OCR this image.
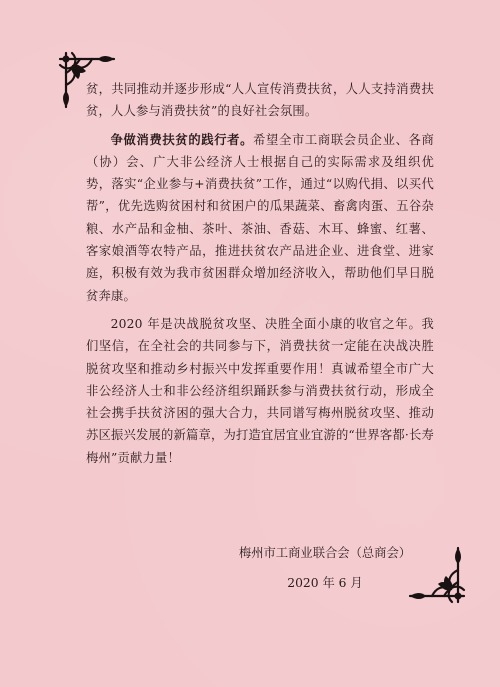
贫，共同推动并逐步形成“人人宣传消费扶贫，人人支持消费扶贫，人人参与消费扶贫”的良好社会氛围。

争做消费扶贫的践行者。希望全市工商联会员企业、各商（协）会、广大非公经济人士根据自己的实际需求及组织优势，落实“企业参与+消费扶贫”工作，通过“以购代捐、以买代帮”，优先选购贫困村和贫困户的瓜果蔬菜、畜禽肉蛋、五谷杂粮、水产品和金柚、茶叶、茶油、香菇、木耳、蜂蜜、红薯、客家娘酒等农特产品，推进扶贫农产品进企业、进食堂、进家庭，积极有效为我市贫困群众增加经济收入，帮助他们早日脱贫奔康。

2020 年是决战脱贫攻坚、决胜全面小康的收官之年。我们坚信，在全社会的共同参与下，消费扶贫一定能在决战决胜脱贫攻坚和推动乡村振兴中发挥重要作用！真诚希望全市广大非公经济人士和非公经济组织踊跃参与消费扶贫行动，形成全社会携手扶贫济困的强大合力，共同谱写梅州脱贫攻坚、推动苏区振兴发展的新篇章，为打造宜居宜业宜游的“世界客都·长寿梅州”贡献力量！

梅州市工商业联合会（总商会）
2020 年 6 月
